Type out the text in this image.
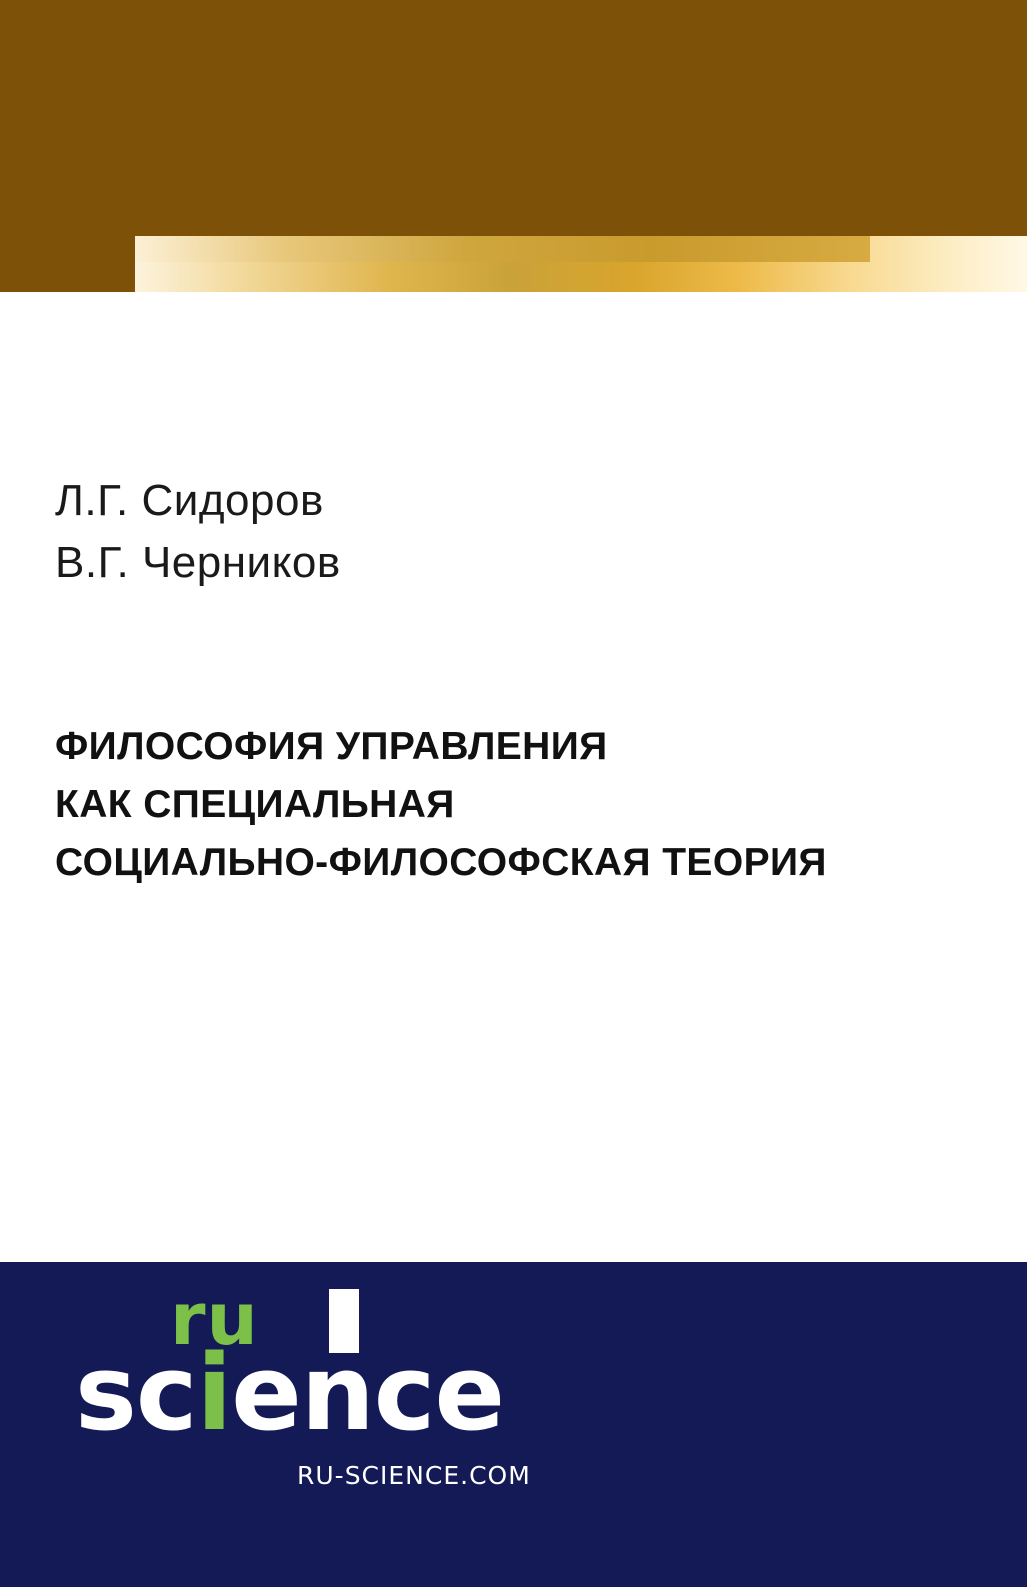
Л.Г. Сидоров
В.Г. Черников
ФИЛОСОФИЯ УПРАВЛЕНИЯ
КАК СПЕЦИАЛЬНАЯ
СОЦИАЛЬНО-ФИЛОСОФСКАЯ ТЕОРИЯ
ru
science
RU-SCIENCE.COM
